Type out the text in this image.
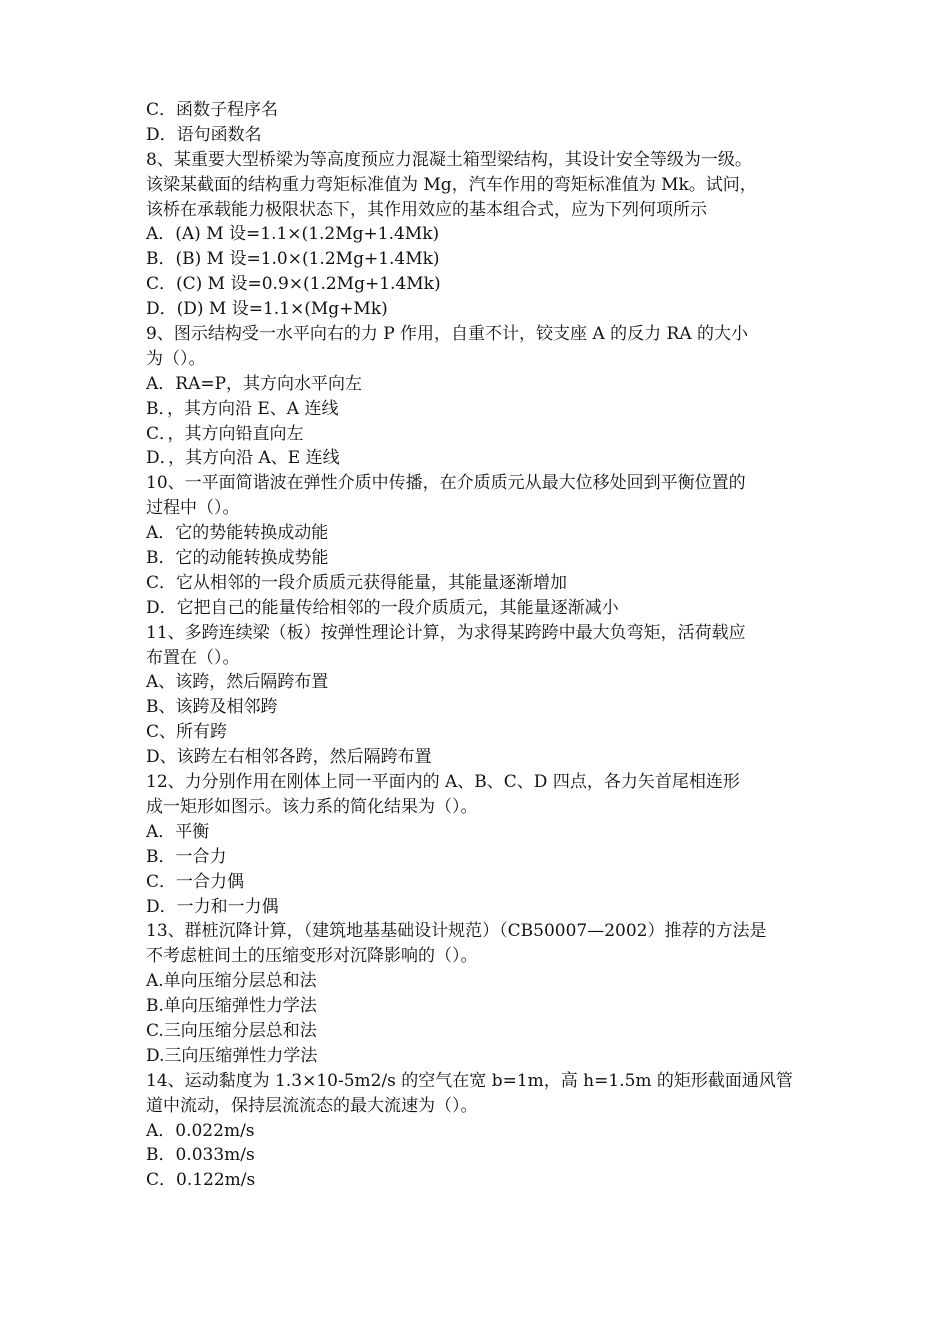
C．函数子程序名
D．语句函数名
8、某重要大型桥梁为等高度预应力混凝土箱型梁结构，其设计安全等级为一级。
该梁某截面的结构重力弯矩标准值为 Mg，汽车作用的弯矩标准值为 Mk。试问，
该桥在承载能力极限状态下，其作用效应的基本组合式，应为下列何项所示
A．(A) M 设=1.1×(1.2Mg+1.4Mk)
B．(B) M 设=1.0×(1.2Mg+1.4Mk)
C．(C) M 设=0.9×(1.2Mg+1.4Mk)
D．(D) M 设=1.1×(Mg+Mk)
9、图示结构受一水平向右的力 P 作用，自重不计，铰支座 A 的反力 RA 的大小
为（）。
A．RA=P，其方向水平向左
B．，其方向沿 E、A 连线
C．，其方向铅直向左
D．，其方向沿 A、E 连线
10、一平面简谐波在弹性介质中传播，在介质质元从最大位移处回到平衡位置的
过程中（）。
A．它的势能转换成动能
B．它的动能转换成势能
C．它从相邻的一段介质质元获得能量，其能量逐渐增加
D．它把自己的能量传给相邻的一段介质质元，其能量逐渐减小
11、多跨连续梁（板）按弹性理论计算，为求得某跨跨中最大负弯矩，活荷载应
布置在（）。
A、该跨，然后隔跨布置
B、该跨及相邻跨
C、所有跨
D、该跨左右相邻各跨，然后隔跨布置
12、力分别作用在刚体上同一平面内的 A、B、C、D 四点，各力矢首尾相连形
成一矩形如图示。该力系的简化结果为（）。
A．平衡
B．一合力
C．一合力偶
D．一力和一力偶
13、群桩沉降计算，（建筑地基基础设计规范）（CB50007—2002）推荐的方法是
不考虑桩间土的压缩变形对沉降影响的（）。
A.单向压缩分层总和法
B.单向压缩弹性力学法
C.三向压缩分层总和法
D.三向压缩弹性力学法
14、运动黏度为 1.3×10-5m2/s 的空气在宽 b=1m，高 h=1.5m 的矩形截面通风管
道中流动，保持层流流态的最大流速为（）。
A．0.022m/s
B．0.033m/s
C．0.122m/s
